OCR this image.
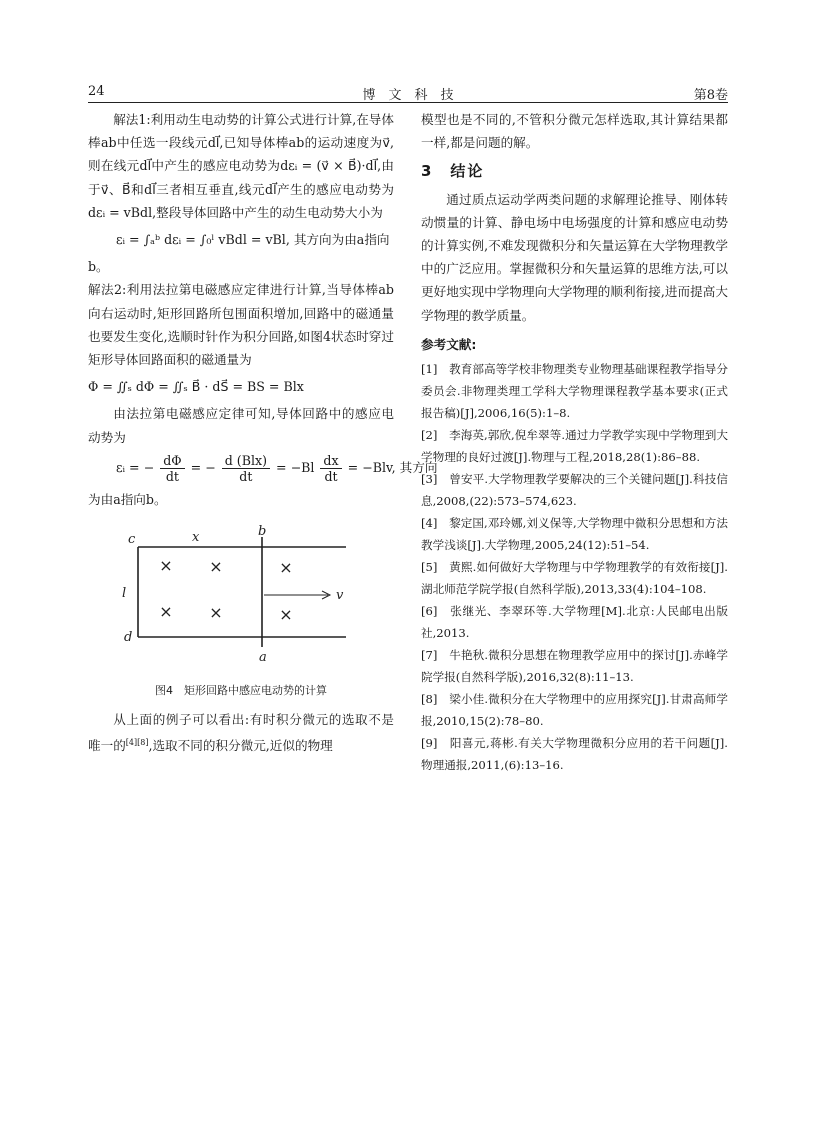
24	博　文　科　技	第8卷

解法1:利用动生电动势的计算公式进行计算,在导体棒ab中任选一段线元dl⃗,已知导体棒ab的运动速度为v⃗,则在线元dl⃗中产生的感应电动势为dεᵢ = (v⃗ × B⃗)·dl⃗,由于v⃗、B⃗和dl⃗三者相互垂直,线元dl⃗产生的感应电动势为dεᵢ = vBdl,整段导体回路中产生的动生电动势大小为

εᵢ = ∫ₐᵇ dεᵢ = ∫₀ˡ vBdl = vBl, 其方向为由a指向

b。

解法2:利用法拉第电磁感应定律进行计算,当导体棒ab向右运动时,矩形回路所包围面积增加,回路中的磁通量也要发生变化,选顺时针作为积分回路,如图4状态时穿过矩形导体回路面积的磁通量为

Φ = ∬ₛ dΦ = ∬ₛ B⃗ · dS⃗ = BS = Blx

由法拉第电磁感应定律可知,导体回路中的感应电动势为

εᵢ = − $\frac{d\Phi}{dt}$ = − $\frac{\text{d (Blx)}}{dt} = -Bl \frac{dx}{dt} = -Blv$, 其方向

为由a指向b。

c	x	b
l
d
a
v
× ×	×
× ×	×
图4　矩形回路中感应电动势的计算

从上面的例子可以看出:有时积分微元的选取不是唯一的[4][8],选取不同的积分微元,近似的物理

模型也是不同的,不管积分微元怎样选取,其计算结果都一样,都是问题的解。

3　结论

通过质点运动学两类问题的求解理论推导、刚体转动惯量的计算、静电场中电场强度的计算和感应电动势的计算实例,不难发现微积分和矢量运算在大学物理教学中的广泛应用。掌握微积分和矢量运算的思维方法,可以更好地实现中学物理向大学物理的顺利衔接,进而提高大学物理的教学质量。

参考文献:

[1]　教育部高等学校非物理类专业物理基础课程教学指导分委员会.非物理类理工学科大学物理课程教学基本要求(正式报告稿)[J],2006,16(5):1–8.

[2]　李海英,郭欣,倪牟翠等.通过力学教学实现中学物理到大学物理的良好过渡[J].物理与工程,2018,28(1):86–88.

[3]　曾安平.大学物理教学要解决的三个关键问题[J].科技信息,2008,(22):573–574,623.

[4]　黎定国,邓玲娜,刘义保等,大学物理中微积分思想和方法教学浅谈[J].大学物理,2005,24(12):51–54.

[5]　黄熙.如何做好大学物理与中学物理教学的有效衔接[J].湖北师范学院学报(自然科学版),2013,33(4):104–108.

[6]　张继光、李翠环等.大学物理[M].北京:人民邮电出版社,2013.

[7]　牛艳秋.微积分思想在物理教学应用中的探讨[J].赤峰学院学报(自然科学版),2016,32(8):11–13.

[8]　梁小佳.微积分在大学物理中的应用探究[J].甘肃高师学报,2010,15(2):78–80.

[9]　阳喜元,蒋彬.有关大学物理微积分应用的若干问题[J].物理通报,2011,(6):13–16.
